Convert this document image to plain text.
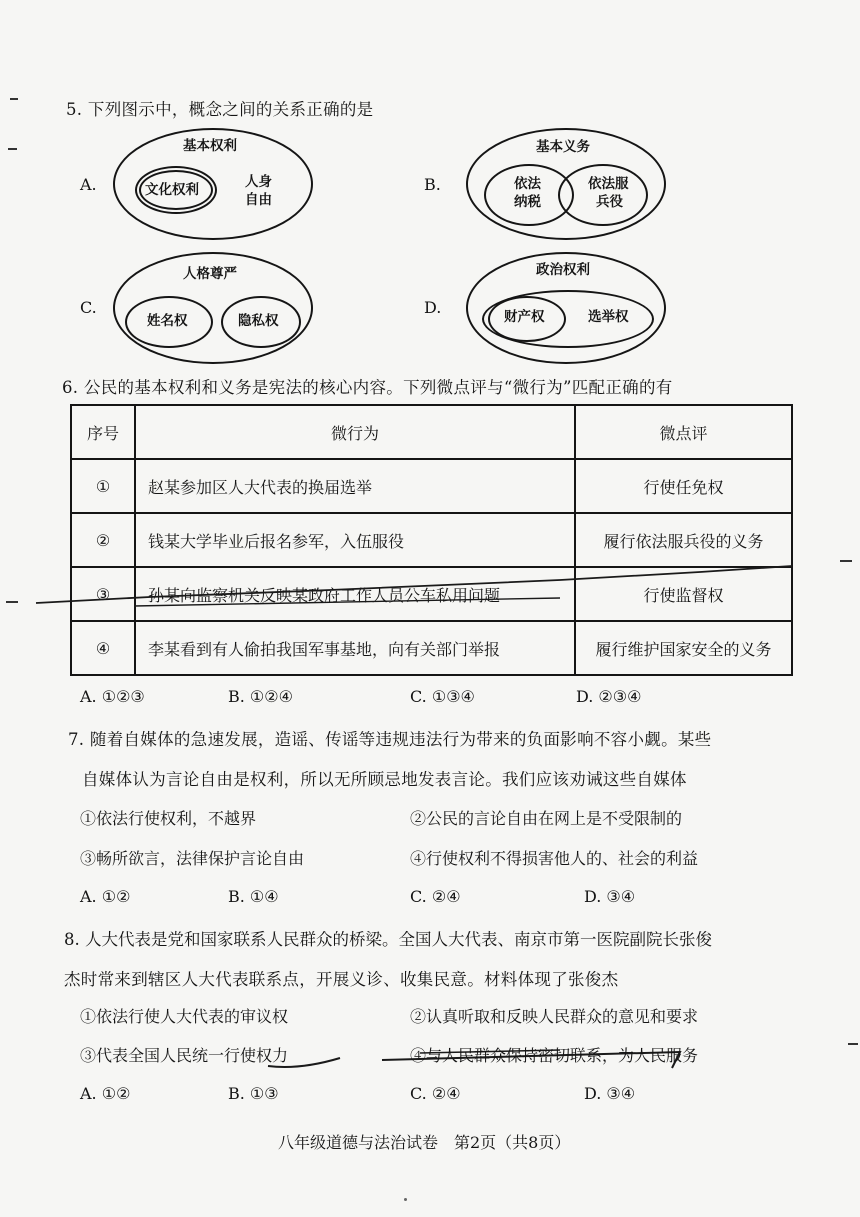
5. 下列图示中，概念之间的关系正确的是
A.
基本权利
文化权利	人身
自由
B.
基本义务
依法
纳税
依法服
兵役
C.
人格尊严
姓名权	隐私权
D.
政治权利
财产权	选举权
6. 公民的基本权利和义务是宪法的核心内容。下列微点评与“微行为”匹配正确的有
序号	微行为	微点评
①	赵某参加区人大代表的换届选举	行使任免权
②	钱某大学毕业后报名参军，入伍服役	履行依法服兵役的义务
③	孙某向监察机关反映某政府工作人员公车私用问题	行使监督权
④	李某看到有人偷拍我国军事基地，向有关部门举报	履行维护国家安全的义务
A. ①②③	B. ①②④	C. ①③④	D. ②③④
7. 随着自媒体的急速发展，造谣、传谣等违规违法行为带来的负面影响不容小觑。某些
自媒体认为言论自由是权利，所以无所顾忌地发表言论。我们应该劝诫这些自媒体
①依法行使权利，不越界	②公民的言论自由在网上是不受限制的
③畅所欲言，法律保护言论自由	④行使权利不得损害他人的、社会的利益
A. ①②	B. ①④	C. ②④	D. ③④
8. 人大代表是党和国家联系人民群众的桥梁。全国人大代表、南京市第一医院副院长张俊
杰时常来到辖区人大代表联系点，开展义诊、收集民意。材料体现了张俊杰
①依法行使人大代表的审议权	②认真听取和反映人民群众的意见和要求
③代表全国人民统一行使权力	④与人民群众保持密切联系，为人民服务
A. ①②	B. ①③	C. ②④	D. ③④
八年级道德与法治试卷　第2页（共8页）
